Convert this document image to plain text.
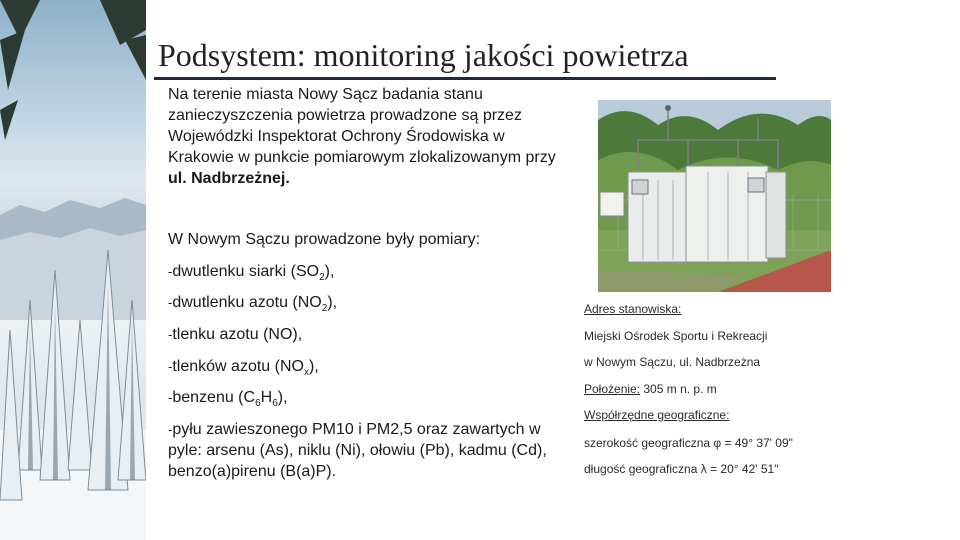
Podsystem: monitoring jakości powietrza

Na terenie miasta Nowy Sącz badania stanu zanieczyszczenia powietrza prowadzone są przez Wojewódzki Inspektorat Ochrony Środowiska w Krakowie w punkcie pomiarowym zlokalizowanym przy ul. Nadbrzeżnej.

W Nowym Sączu prowadzone były pomiary:

-dwutlenku siarki $(SO_2)$,
-dwutlenku azotu $(NO_2)$,
-tlenku azotu (NO),
-tlenków azotu $(NO_x)$,
-benzenu $(C_6H_6)$,
-pyłu zawieszonego PM10 i PM2,5 oraz zawartych w pyle: arsenu (As), niklu (Ni), ołowiu (Pb), kadmu (Cd), benzo(a)pirenu (B(a)P).
Adres stanowiska:
Miejski Ośrodek Sportu i Rekreacji
w Nowym Sączu, ul. Nadbrzeżna
Położenie: 305 m n. p. m
Współrzędne geograficzne:
szerokość geograficzna φ = 49° 37' 09"
długość geograficzna λ = 20° 42' 51"
